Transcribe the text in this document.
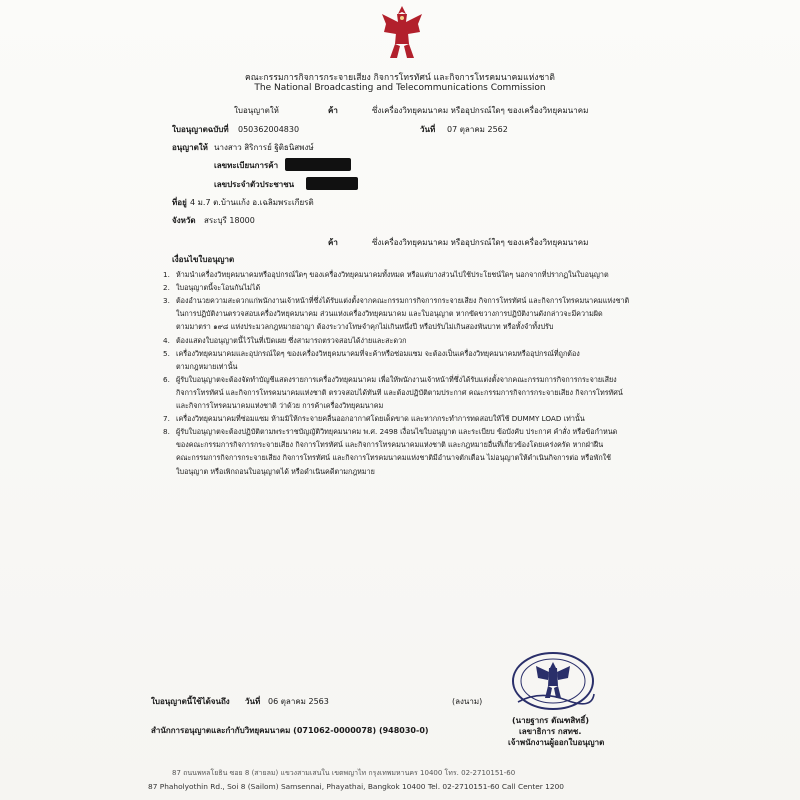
คณะกรรมการกิจการกระจายเสียง กิจการโทรทัศน์ และกิจการโทรคมนาคมแห่งชาติ
The National Broadcasting and Telecommunications Commission
ใบอนุญาตให้	ค้า	ซึ่งเครื่องวิทยุคมนาคม หรืออุปกรณ์ใดๆ ของเครื่องวิทยุคมนาคม
ใบอนุญาตฉบับที่ 050362004830	วันที่ 07 ตุลาคม 2562
อนุญาตให้ นางสาว สิริการย์ ฐิติธนิสพงษ์
เลขทะเบียนการค้า
เลขประจำตัวประชาชน
ที่อยู่ 4 ม.7 ต.บ้านแก้ง อ.เฉลิมพระเกียรติ
จังหวัด สระบุรี 18000
ค้า	ซึ่งเครื่องวิทยุคมนาคม หรืออุปกรณ์ใดๆ ของเครื่องวิทยุคมนาคม
เงื่อนไขใบอนุญาต
1. ห้ามนำเครื่องวิทยุคมนาคมหรืออุปกรณ์ใดๆ ของเครื่องวิทยุคมนาคมทั้งหมด หรือแต่บางส่วนไปใช้ประโยชน์ใดๆ นอกจากที่ปรากฏในใบอนุญาต
2. ใบอนุญาตนี้จะโอนกันไม่ได้
3. ต้องอำนวยความสะดวกแก่พนักงานเจ้าหน้าที่ซึ่งได้รับแต่งตั้งจากคณะกรรมการกิจการกระจายเสียง กิจการโทรทัศน์ และกิจการโทรคมนาคมแห่งชาติ
ในการปฏิบัติงานตรวจสอบเครื่องวิทยุคมนาคม ส่วนแห่งเครื่องวิทยุคมนาคม และใบอนุญาต หากขัดขวางการปฏิบัติงานดังกล่าวจะมีความผิด
ตามมาตรา ๑๙๘ แห่งประมวลกฎหมายอาญา ต้องระวางโทษจำคุกไม่เกินหนึ่งปี หรือปรับไม่เกินสองพันบาท หรือทั้งจำทั้งปรับ
4. ต้องแสดงใบอนุญาตนี้ไว้ในที่เปิดเผย ซึ่งสามารถตรวจสอบได้ง่ายและสะดวก
5. เครื่องวิทยุคมนาคมและอุปกรณ์ใดๆ ของเครื่องวิทยุคมนาคมที่จะค้าหรือซ่อมแซม จะต้องเป็นเครื่องวิทยุคมนาคมหรืออุปกรณ์ที่ถูกต้อง
ตามกฎหมายเท่านั้น
6. ผู้รับใบอนุญาตจะต้องจัดทำบัญชีแสดงรายการเครื่องวิทยุคมนาคม เพื่อให้พนักงานเจ้าหน้าที่ซึ่งได้รับแต่งตั้งจากคณะกรรมการกิจการกระจายเสียง
กิจการโทรทัศน์ และกิจการโทรคมนาคมแห่งชาติ ตรวจสอบได้ทันที และต้องปฏิบัติตามประกาศ คณะกรรมการกิจการกระจายเสียง กิจการโทรทัศน์
และกิจการโทรคมนาคมแห่งชาติ ว่าด้วย การค้าเครื่องวิทยุคมนาคม
7. เครื่องวิทยุคมนาคมที่ซ่อมแซม ห้ามมิให้กระจายคลื่นออกอากาศโดยเด็ดขาด และหากกระทำการทดสอบให้ใช้ DUMMY LOAD เท่านั้น
8. ผู้รับใบอนุญาตจะต้องปฏิบัติตามพระราชบัญญัติวิทยุคมนาคม พ.ศ. 2498 เงื่อนไขใบอนุญาต และระเบียบ ข้อบังคับ ประกาศ คำสั่ง หรือข้อกำหนด
ของคณะกรรมการกิจการกระจายเสียง กิจการโทรทัศน์ และกิจการโทรคมนาคมแห่งชาติ และกฎหมายอื่นที่เกี่ยวข้องโดยเคร่งครัด หากฝ่าฝืน
คณะกรรมการกิจการกระจายเสียง กิจการโทรทัศน์ และกิจการโทรคมนาคมแห่งชาติมีอำนาจตักเตือน ไม่อนุญาตให้ดำเนินกิจการต่อ หรือพักใช้
ใบอนุญาต หรือเพิกถอนใบอนุญาตได้ หรือดำเนินคดีตามกฎหมาย
ใบอนุญาตนี้ใช้ได้จนถึง วันที่ 06 ตุลาคม 2563	(ลงนาม)
(นายฐากร ตัณฑสิทธิ์)
เลขาธิการ กสทช.
เจ้าพนักงานผู้ออกใบอนุญาต
สำนักการอนุญาตและกำกับวิทยุคมนาคม (071062-0000078) (948030-0)
87 ถนนพหลโยธิน ซอย 8 (สายลม) แขวงสามเสนใน เขตพญาไท กรุงเทพมหานคร 10400 โทร. 02-2710151-60
87 Phaholyothin Rd., Soi 8 (Sailom) Samsennai, Phayathai, Bangkok 10400 Tel. 02-2710151-60 Call Center 1200
